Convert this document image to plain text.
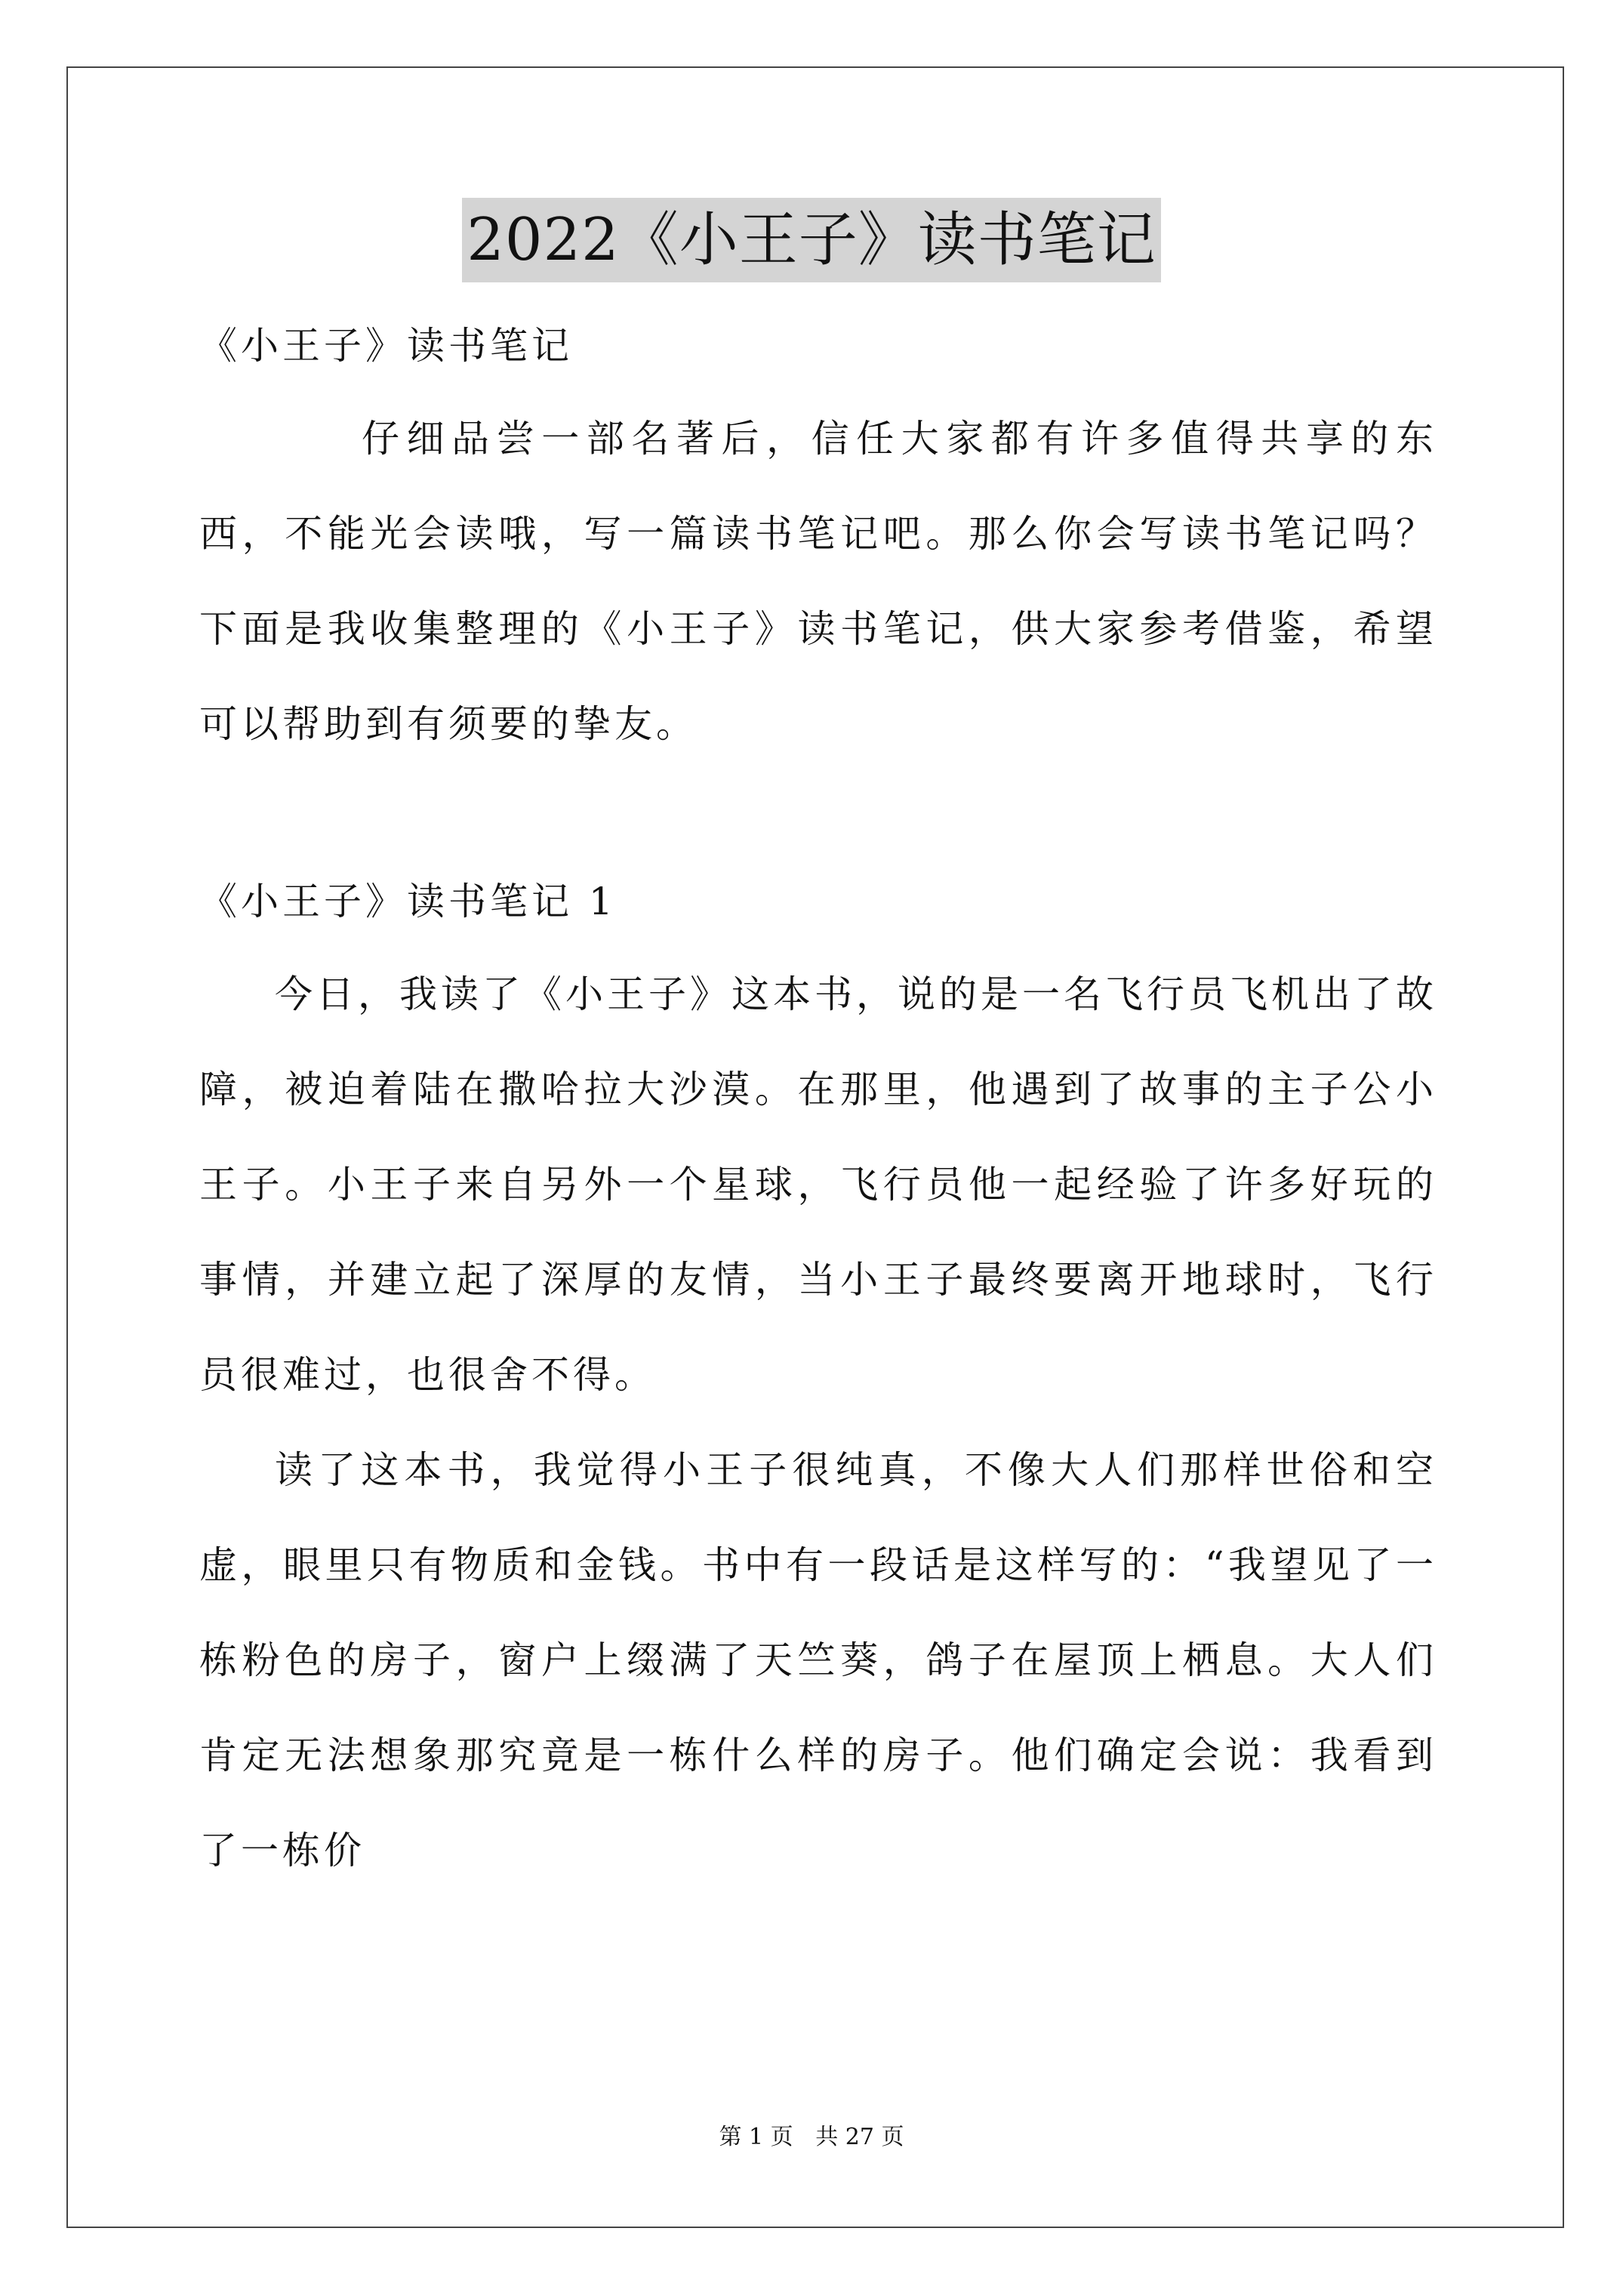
2022《小王子》读书笔记

《小王子》读书笔记

仔细品尝一部名著后，信任大家都有许多值得共享的东西，不能光会读哦，写一篇读书笔记吧。那么你会写读书笔记吗？下面是我收集整理的《小王子》读书笔记，供大家参考借鉴，希望可以帮助到有须要的挚友。

《小王子》读书笔记 1

今日，我读了《小王子》这本书，说的是一名飞行员飞机出了故障，被迫着陆在撒哈拉大沙漠。在那里，他遇到了故事的主子公小王子。小王子来自另外一个星球，飞行员他一起经验了许多好玩的事情，并建立起了深厚的友情，当小王子最终要离开地球时，飞行员很难过，也很舍不得。

读了这本书，我觉得小王子很纯真，不像大人们那样世俗和空虚，眼里只有物质和金钱。书中有一段话是这样写的：“我望见了一栋粉色的房子，窗户上缀满了天竺葵，鸽子在屋顶上栖息。大人们肯定无法想象那究竟是一栋什么样的房子。他们确定会说：我看到了一栋价

第 1 页 共 27 页
